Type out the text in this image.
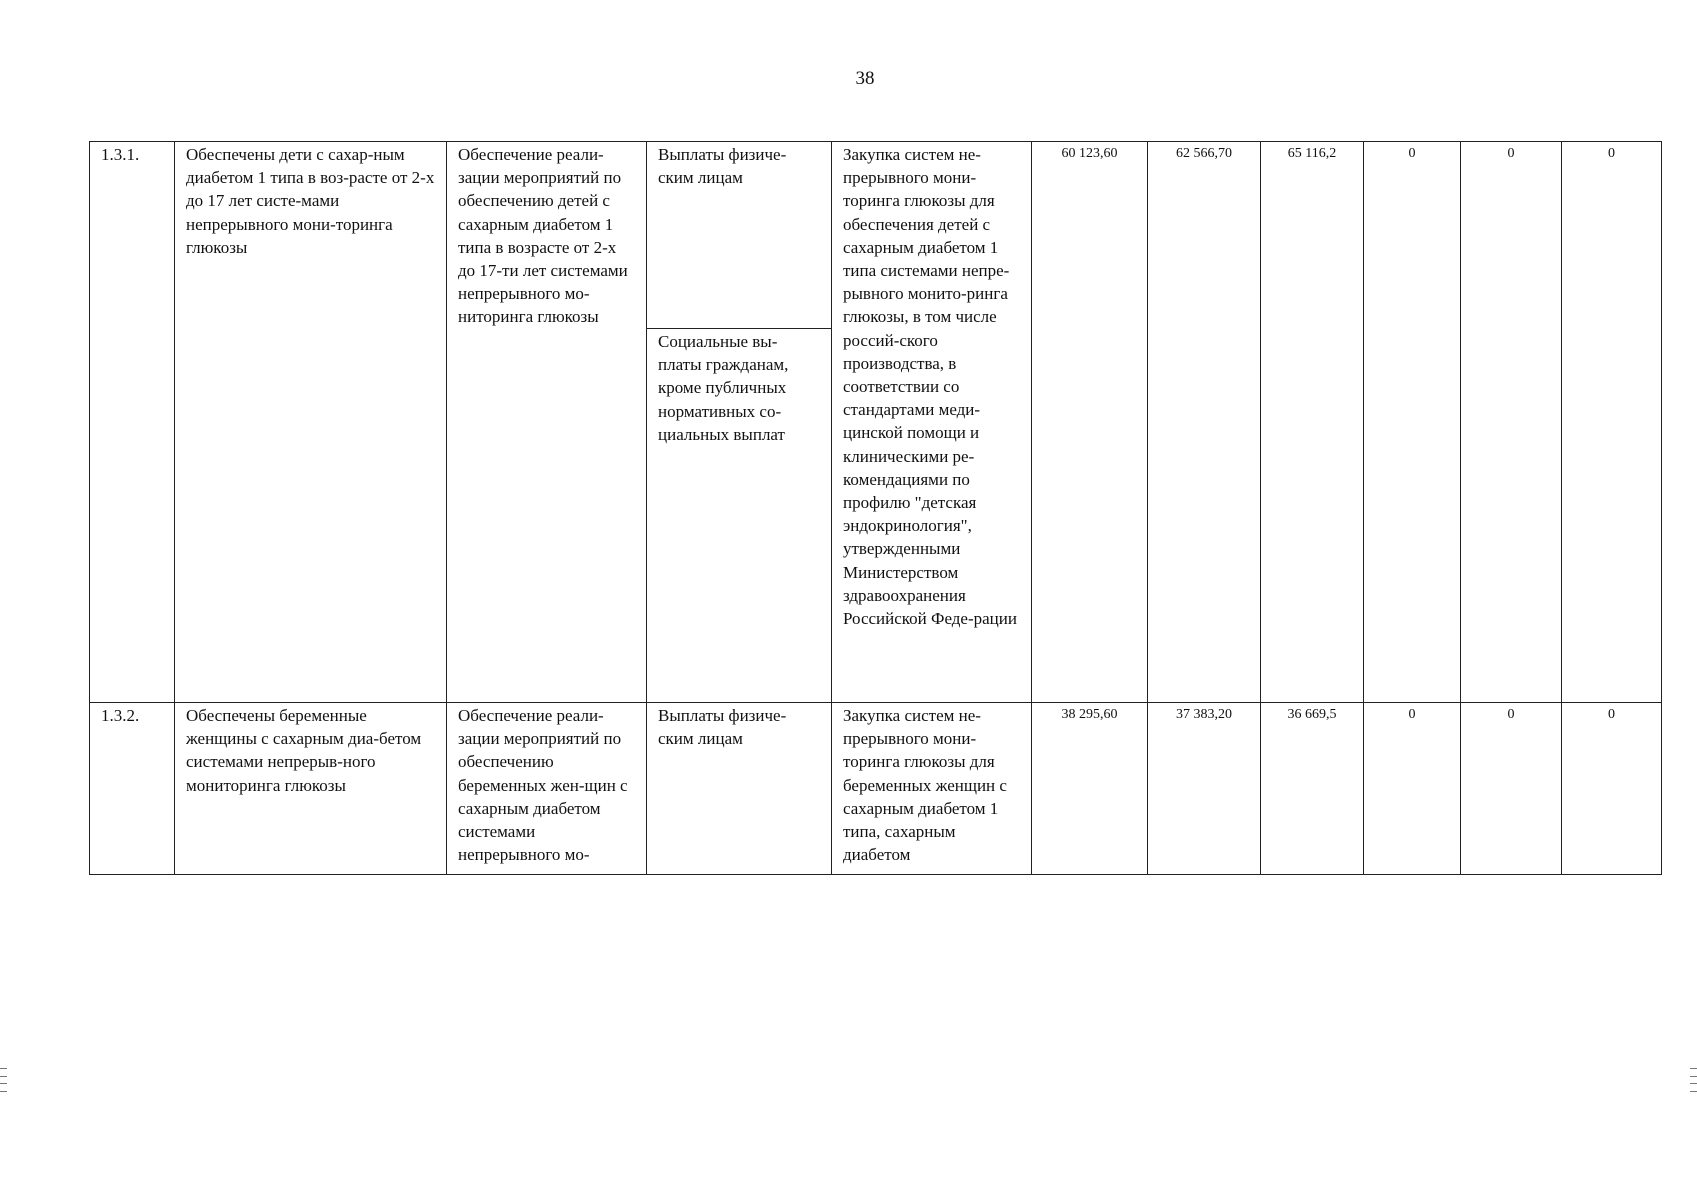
38
1.3.1.	Обеспечены дети с сахар-ным диабетом 1 типа в воз-расте от 2-х до 17 лет систе-мами непрерывного мони-торинга глюкозы	Обеспечение реали-зации мероприятий по обеспечению детей с сахарным диабетом 1 типа в возрасте от 2-х до 17-ти лет системами непрерывного мо-ниторинга глюкозы	Выплаты физиче-ским лицам	Закупка систем не-прерывного мони-торинга глюкозы для обеспечения детей с сахарным диабетом 1 типа системами непре-рывного монито-ринга глюкозы, в том числе россий-ского производства, в соответствии со стандартами меди-цинской помощи и клиническими ре-комендациями по профилю "детская эндокринология", утвержденными Министерством здравоохранения Российской Феде-рации	60 123,60	62 566,70	65 116,2	0	0	0
			Социальные вы-платы гражданам, кроме публичных нормативных со-циальных выплат							
1.3.2.	Обеспечены беременные женщины с сахарным диа-бетом системами непрерыв-ного мониторинга глюкозы	Обеспечение реали-зации мероприятий по обеспечению беременных жен-щин с сахарным диабетом системами непрерывного мо-	Выплаты физиче-ским лицам	Закупка систем не-прерывного мони-торинга глюкозы для беременных женщин с сахарным диабетом 1 типа, сахарным диабетом	38 295,60	37 383,20	36 669,5	0	0	0
